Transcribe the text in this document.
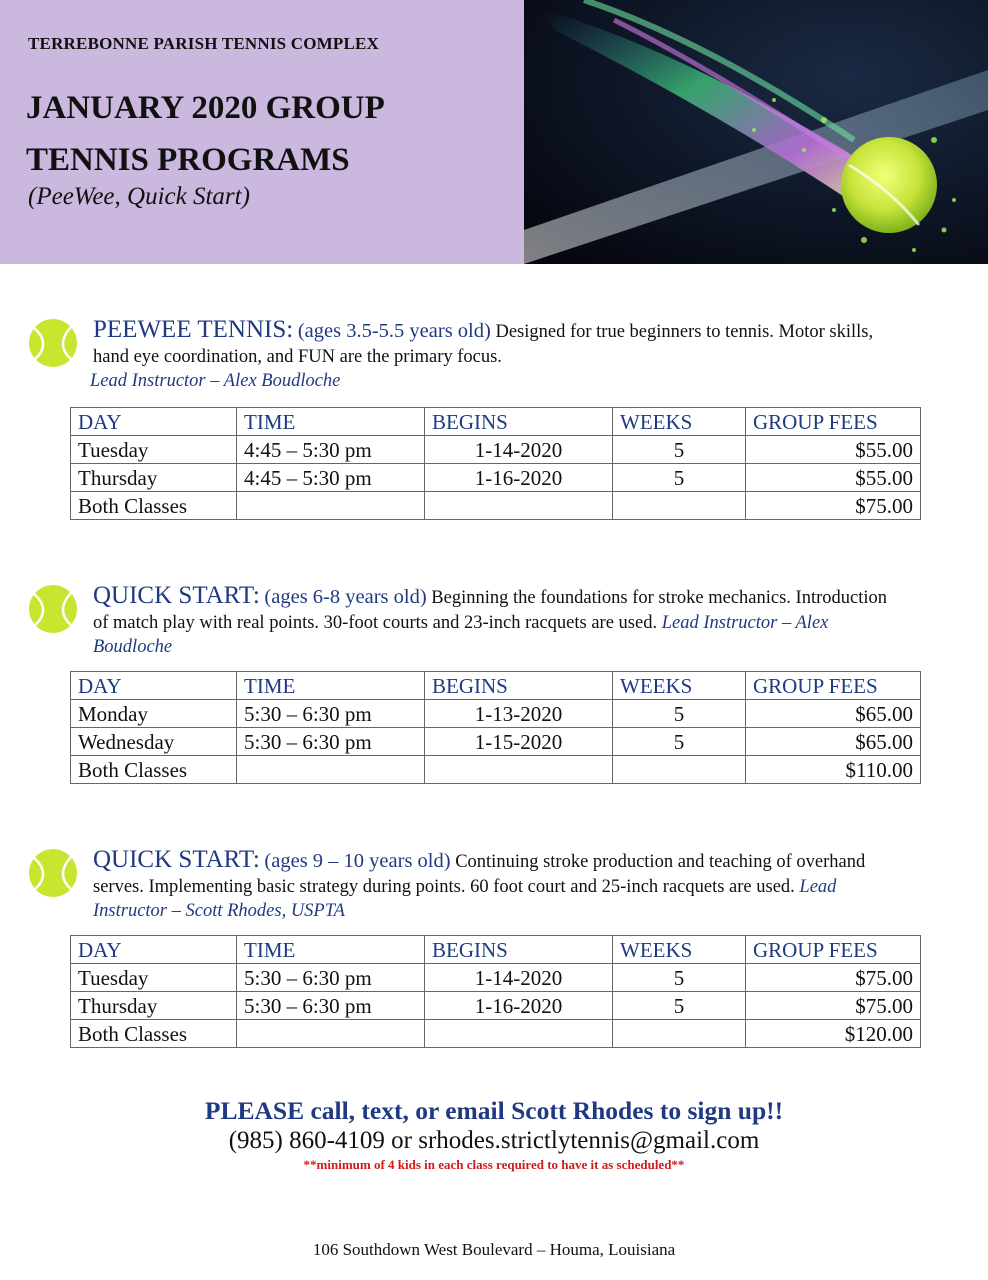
TERREBONNE PARISH TENNIS COMPLEX
JANUARY 2020 GROUP
TENNIS PROGRAMS
(PeeWee, Quick Start)
PEEWEE TENNIS: (ages 3.5-5.5 years old) Designed for true beginners to tennis. Motor skills, hand eye coordination, and FUN are the primary focus.
Lead Instructor – Alex Boudloche
DAY	TIME	BEGINS	WEEKS	GROUP FEES
Tuesday	4:45 – 5:30 pm	1-14-2020	5	$55.00
Thursday	4:45 – 5:30 pm	1-16-2020	5	$55.00
Both Classes				$75.00
QUICK START: (ages 6-8 years old) Beginning the foundations for stroke mechanics. Introduction of match play with real points. 30-foot courts and 23-inch racquets are used. Lead Instructor – Alex Boudloche
DAY	TIME	BEGINS	WEEKS	GROUP FEES
Monday	5:30 – 6:30 pm	1-13-2020	5	$65.00
Wednesday	5:30 – 6:30 pm	1-15-2020	5	$65.00
Both Classes				$110.00
QUICK START: (ages 9 – 10 years old) Continuing stroke production and teaching of overhand serves. Implementing basic strategy during points. 60 foot court and 25-inch racquets are used. Lead Instructor – Scott Rhodes, USPTA
DAY	TIME	BEGINS	WEEKS	GROUP FEES
Tuesday	5:30 – 6:30 pm	1-14-2020	5	$75.00
Thursday	5:30 – 6:30 pm	1-16-2020	5	$75.00
Both Classes				$120.00
PLEASE call, text, or email Scott Rhodes to sign up!!
(985) 860-4109 or srhodes.strictlytennis@gmail.com
**minimum of 4 kids in each class required to have it as scheduled**
106 Southdown West Boulevard – Houma, Louisiana
